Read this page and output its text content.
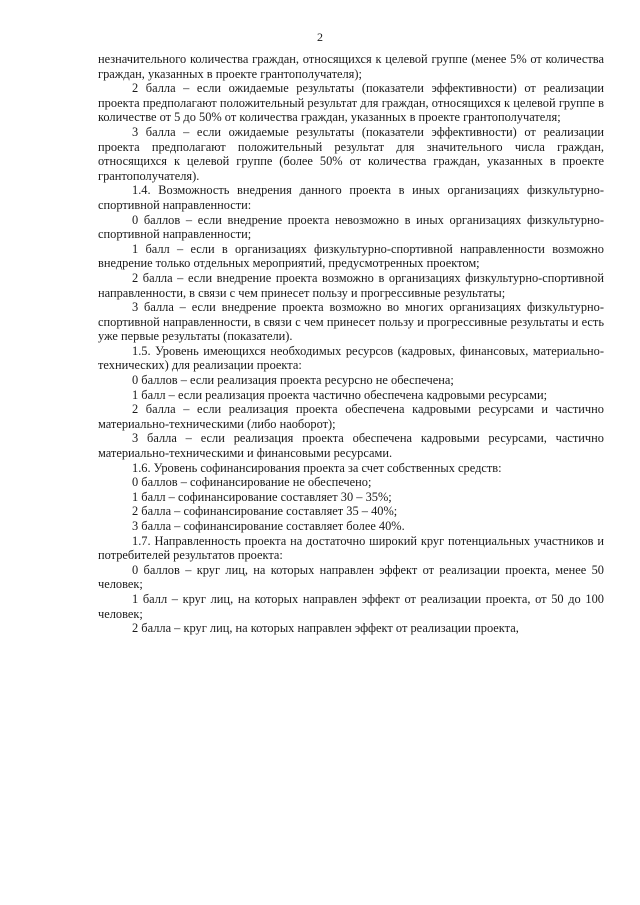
2

незначительного количества граждан, относящихся к целевой группе (менее 5% от количества граждан, указанных в проекте грантополучателя);

2 балла – если ожидаемые результаты (показатели эффективности) от реализации проекта предполагают положительный результат для граждан, относящихся к целевой группе в количестве от 5 до 50% от количества граждан, указанных в проекте грантополучателя;

3 балла – если ожидаемые результаты (показатели эффективности) от реализации проекта предполагают положительный результат для значительного числа граждан, относящихся к целевой группе (более 50% от количества граждан, указанных в проекте грантополучателя).

1.4. Возможность внедрения данного проекта в иных организациях физкультурно-спортивной направленности:

0 баллов – если внедрение проекта невозможно в иных организациях физкультурно-спортивной направленности;

1 балл – если в организациях физкультурно-спортивной направленности возможно внедрение только отдельных мероприятий, предусмотренных проектом;

2 балла – если внедрение проекта возможно в организациях физкультурно-спортивной направленности, в связи с чем принесет пользу и прогрессивные результаты;

3 балла – если внедрение проекта возможно во многих организациях физкультурно-спортивной направленности, в связи с чем принесет пользу и прогрессивные результаты и есть уже первые результаты (показатели).

1.5. Уровень имеющихся необходимых ресурсов (кадровых, финансовых, материально-технических) для реализации проекта:

0 баллов – если реализация проекта ресурсно не обеспечена;

1 балл – если реализация проекта частично обеспечена кадровыми ресурсами;

2 балла – если реализация проекта обеспечена кадровыми ресурсами и частично материально-техническими (либо наоборот);

3 балла – если реализация проекта обеспечена кадровыми ресурсами, частично материально-техническими и финансовыми ресурсами.

1.6. Уровень софинансирования проекта за счет собственных средств:

0 баллов – софинансирование не обеспечено;

1 балл – софинансирование составляет 30 – 35%;

2 балла – софинансирование составляет 35 – 40%;

3 балла – софинансирование составляет более 40%.

1.7. Направленность проекта на достаточно широкий круг потенциальных участников и потребителей результатов проекта:

0 баллов – круг лиц, на которых направлен эффект от реализации проекта, менее 50 человек;

1 балл – круг лиц, на которых направлен эффект от реализации проекта, от 50 до 100 человек;

2 балла – круг лиц, на которых направлен эффект от реализации проекта,
